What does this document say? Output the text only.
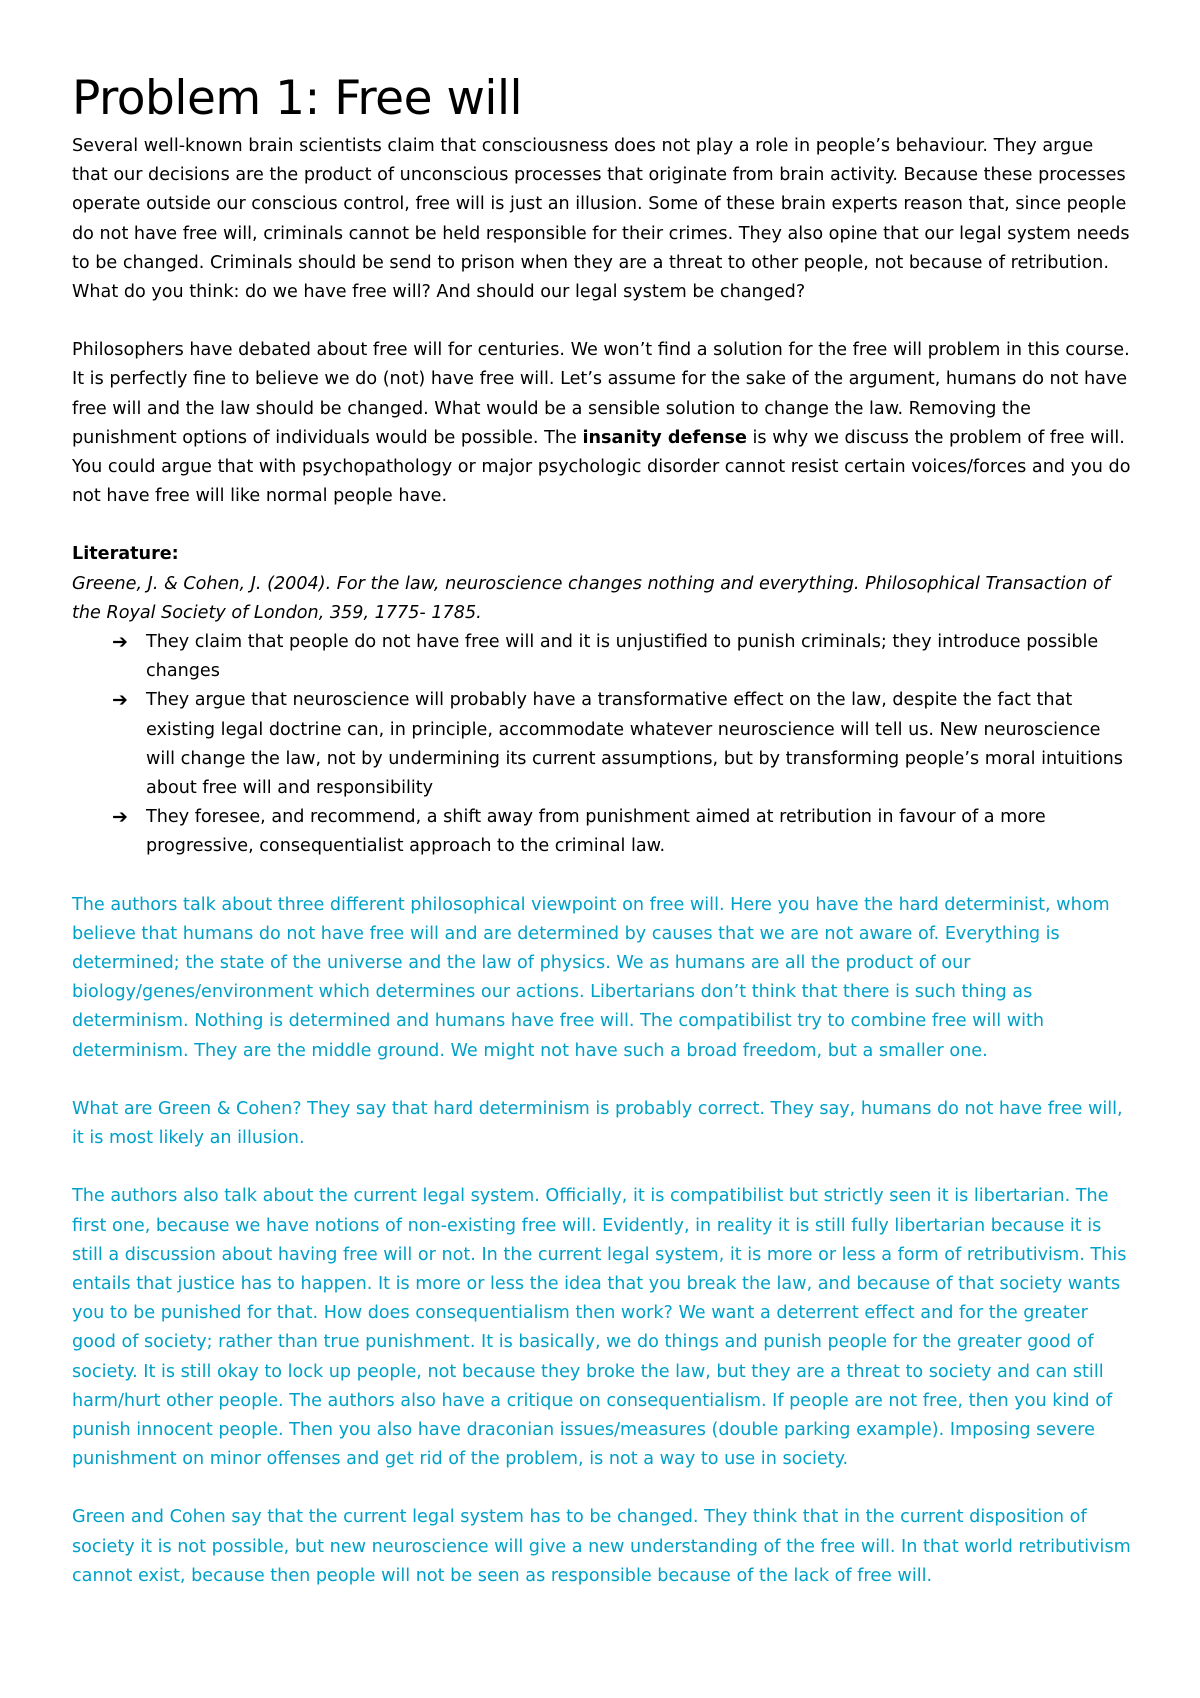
Problem 1: Free will

Several well-known brain scientists claim that consciousness does not play a role in people’s behaviour. They argue that our decisions are the product of unconscious processes that originate from brain activity. Because these processes operate outside our conscious control, free will is just an illusion. Some of these brain experts reason that, since people do not have free will, criminals cannot be held responsible for their crimes. They also opine that our legal system needs to be changed. Criminals should be send to prison when they are a threat to other people, not because of retribution. What do you think: do we have free will? And should our legal system be changed?

Philosophers have debated about free will for centuries. We won’t find a solution for the free will problem in this course. It is perfectly fine to believe we do (not) have free will. Let’s assume for the sake of the argument, humans do not have free will and the law should be changed. What would be a sensible solution to change the law. Removing the punishment options of individuals would be possible. The insanity defense is why we discuss the problem of free will. You could argue that with psychopathology or major psychologic disorder cannot resist certain voices/forces and you do not have free will like normal people have.

Literature:

Greene, J. & Cohen, J. (2004). For the law, neuroscience changes nothing and everything. Philosophical Transaction of the Royal Society of London, 359, 1775- 1785.

➔ They claim that people do not have free will and it is unjustified to punish criminals; they introduce possible changes
➔ They argue that neuroscience will probably have a transformative effect on the law, despite the fact that existing legal doctrine can, in principle, accommodate whatever neuroscience will tell us. New neuroscience will change the law, not by undermining its current assumptions, but by transforming people’s moral intuitions about free will and responsibility
➔ They foresee, and recommend, a shift away from punishment aimed at retribution in favour of a more progressive, consequentialist approach to the criminal law.

The authors talk about three different philosophical viewpoint on free will. Here you have the hard determinist, whom believe that humans do not have free will and are determined by causes that we are not aware of. Everything is determined; the state of the universe and the law of physics. We as humans are all the product of our biology/genes/environment which determines our actions. Libertarians don’t think that there is such thing as determinism. Nothing is determined and humans have free will. The compatibilist try to combine free will with determinism. They are the middle ground. We might not have such a broad freedom, but a smaller one.

What are Green & Cohen? They say that hard determinism is probably correct. They say, humans do not have free will, it is most likely an illusion.

The authors also talk about the current legal system. Officially, it is compatibilist but strictly seen it is libertarian. The first one, because we have notions of non-existing free will. Evidently, in reality it is still fully libertarian because it is still a discussion about having free will or not. In the current legal system, it is more or less a form of retributivism. This entails that justice has to happen. It is more or less the idea that you break the law, and because of that society wants you to be punished for that. How does consequentialism then work? We want a deterrent effect and for the greater good of society; rather than true punishment. It is basically, we do things and punish people for the greater good of society. It is still okay to lock up people, not because they broke the law, but they are a threat to society and can still harm/hurt other people. The authors also have a critique on consequentialism. If people are not free, then you kind of punish innocent people. Then you also have draconian issues/measures (double parking example). Imposing severe punishment on minor offenses and get rid of the problem, is not a way to use in society.

Green and Cohen say that the current legal system has to be changed. They think that in the current disposition of society it is not possible, but new neuroscience will give a new understanding of the free will. In that world retributivism cannot exist, because then people will not be seen as responsible because of the lack of free will.
